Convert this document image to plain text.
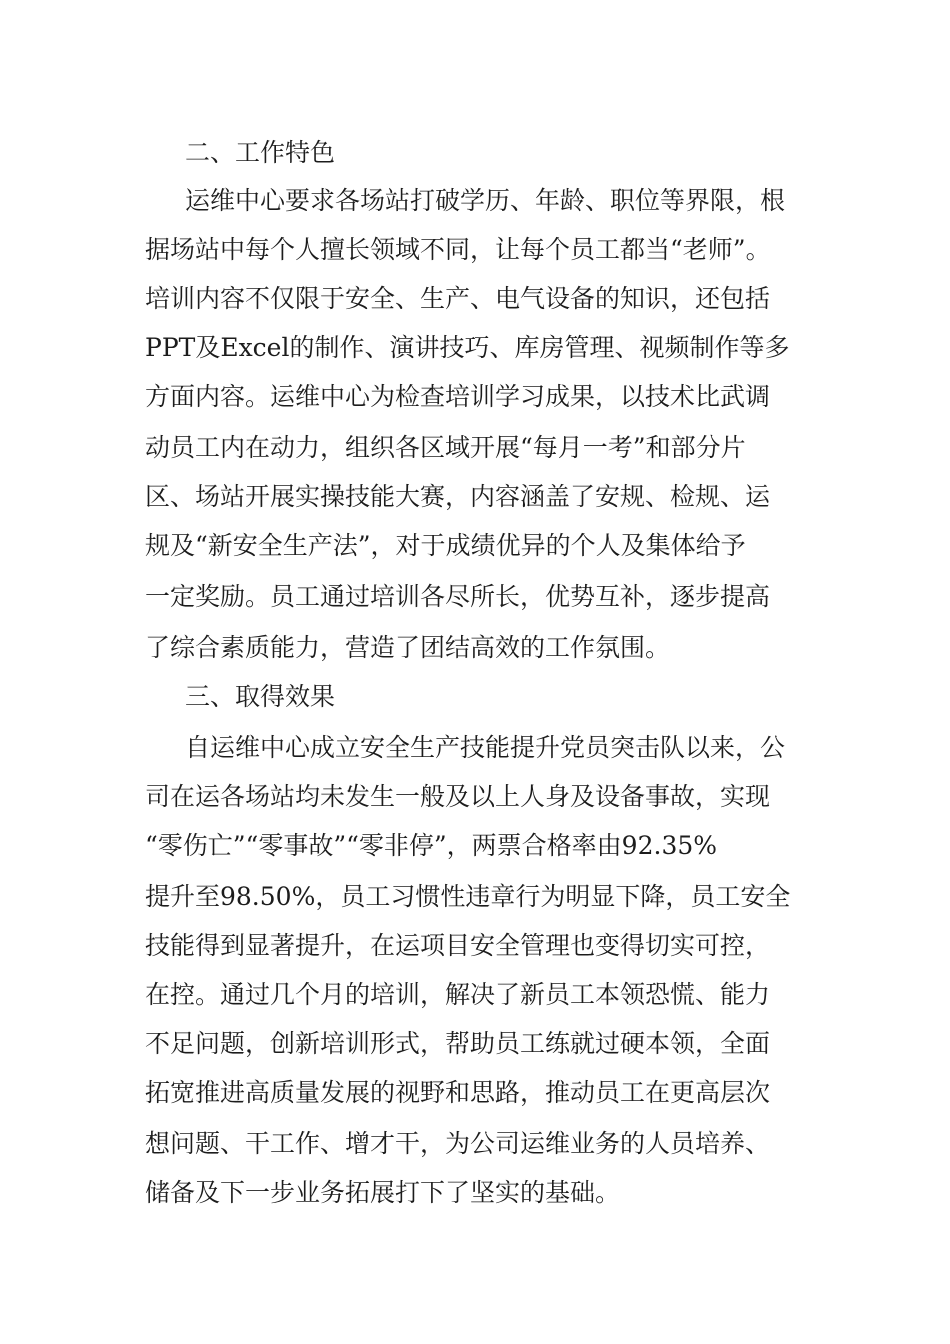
二、工作特色
运维中心要求各场站打破学历、年龄、职位等界限，根
据场站中每个人擅长领域不同，让每个员工都当“老师”。
培训内容不仅限于安全、生产、电气设备的知识，还包括
PPT及Excel的制作、演讲技巧、库房管理、视频制作等多
方面内容。运维中心为检查培训学习成果，以技术比武调
动员工内在动力，组织各区域开展“每月一考”和部分片
区、场站开展实操技能大赛，内容涵盖了安规、检规、运
规及“新安全生产法”，对于成绩优异的个人及集体给予
一定奖励。员工通过培训各尽所长，优势互补，逐步提高
了综合素质能力，营造了团结高效的工作氛围。
三、取得效果
自运维中心成立安全生产技能提升党员突击队以来，公
司在运各场站均未发生一般及以上人身及设备事故，实现
“零伤亡”“零事故”“零非停”，两票合格率由92.35%
提升至98.50%，员工习惯性违章行为明显下降，员工安全
技能得到显著提升，在运项目安全管理也变得切实可控，
在控。通过几个月的培训，解决了新员工本领恐慌、能力
不足问题，创新培训形式，帮助员工练就过硬本领，全面
拓宽推进高质量发展的视野和思路，推动员工在更高层次
想问题、干工作、增才干，为公司运维业务的人员培养、
储备及下一步业务拓展打下了坚实的基础。
